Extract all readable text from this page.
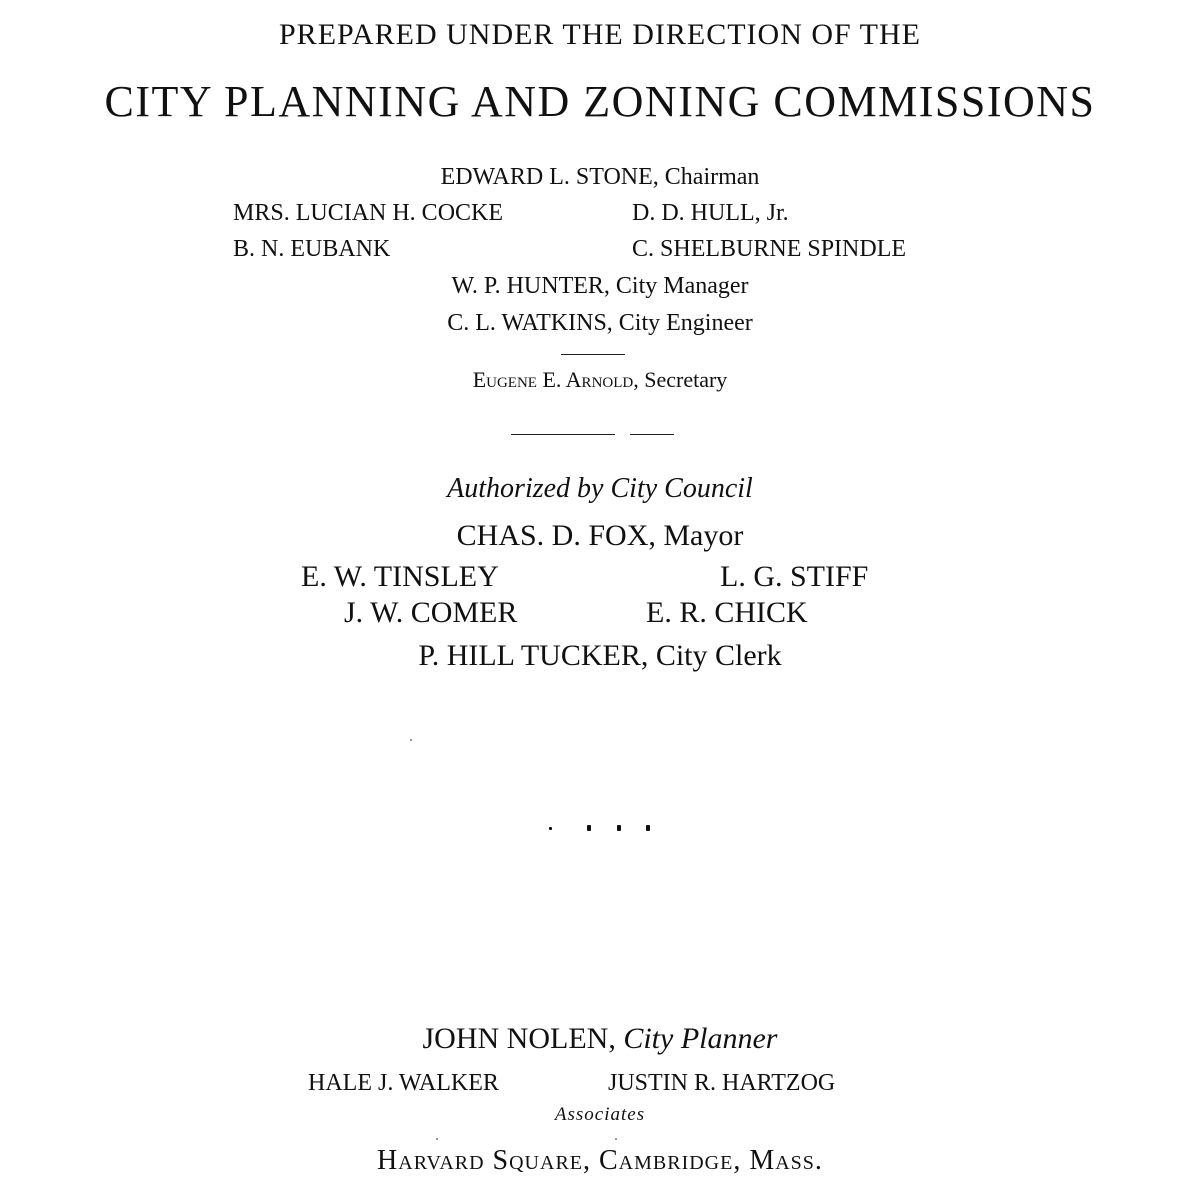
PREPARED UNDER THE DIRECTION OF THE
CITY PLANNING AND ZONING COMMISSIONS
EDWARD L. STONE, Chairman
MRS. LUCIAN H. COCKE	D. D. HULL, Jr.
B. N. EUBANK	C. SHELBURNE SPINDLE
W. P. HUNTER, City Manager
C. L. WATKINS, City Engineer
Eugene E. Arnold, Secretary
Authorized by City Council
CHAS. D. FOX, Mayor
E. W. TINSLEY	L. G. STIFF
J. W. COMER	E. R. CHICK
P. HILL TUCKER, City Clerk
JOHN NOLEN, City Planner
HALE J. WALKER	JUSTIN R. HARTZOG
Associates
Harvard Square, Cambridge, Mass.
